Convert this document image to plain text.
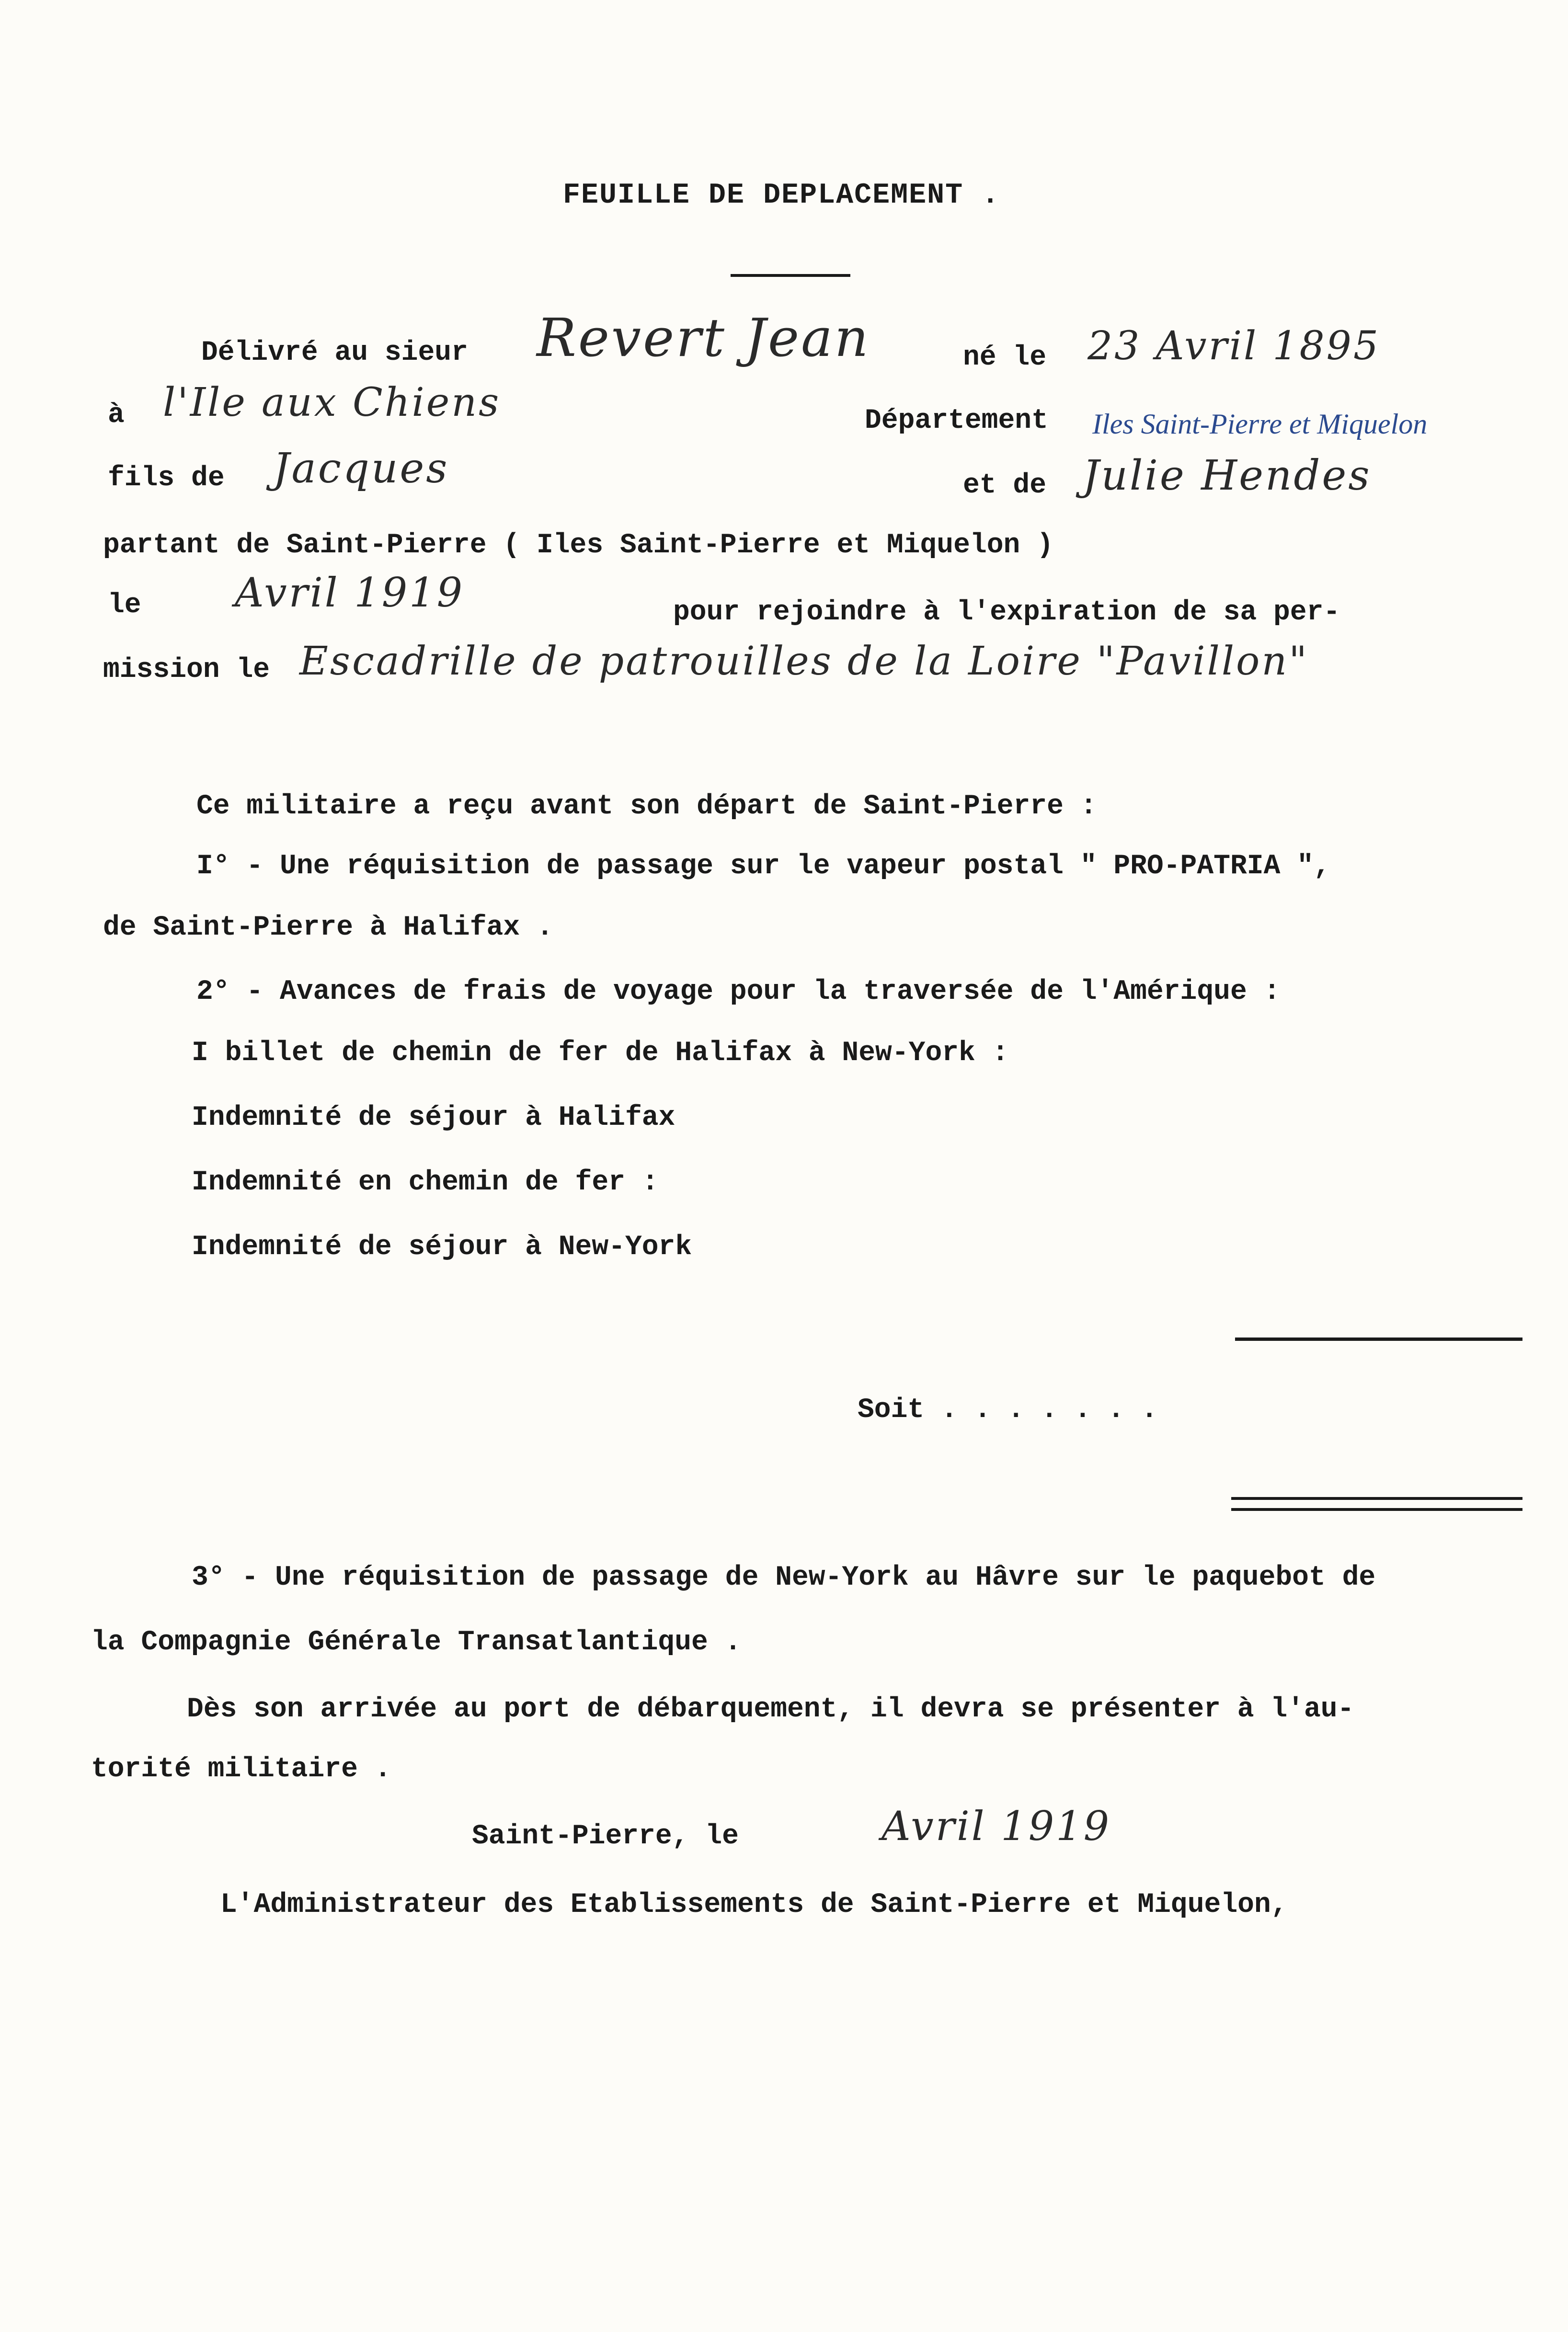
FEUILLE DE DEPLACEMENT .
Délivré au sieur Revert Jean	né le 23 Avril 1895
à l'Ile aux Chiens	Département Iles Saint-Pierre et Miquelon
fils de Jacques	et de Julie Hendes
partant de Saint-Pierre ( Iles Saint-Pierre et Miquelon )
le Avril 1919	pour rejoindre à l'expiration de sa per-
mission le Escadrille de patrouilles de la Loire "Pavillon"
Ce militaire a reçu avant son départ de Saint-Pierre :
I° - Une réquisition de passage sur le vapeur postal " PRO-PATRIA ",
de Saint-Pierre à Halifax .
2° - Avances de frais de voyage pour la traversée de l'Amérique :
I billet de chemin de fer de Halifax à New-York :
Indemnité de séjour à Halifax
Indemnité en chemin de fer :
Indemnité de séjour à New-York
Soit . . . . . . .
3° - Une réquisition de passage de New-York au Hâvre sur le paquebot de
la Compagnie Générale Transatlantique .
Dès son arrivée au port de débarquement, il devra se présenter à l'au-
torité militaire .
Saint-Pierre, le	Avril 1919
L'Administrateur des Etablissements de Saint-Pierre et Miquelon,
